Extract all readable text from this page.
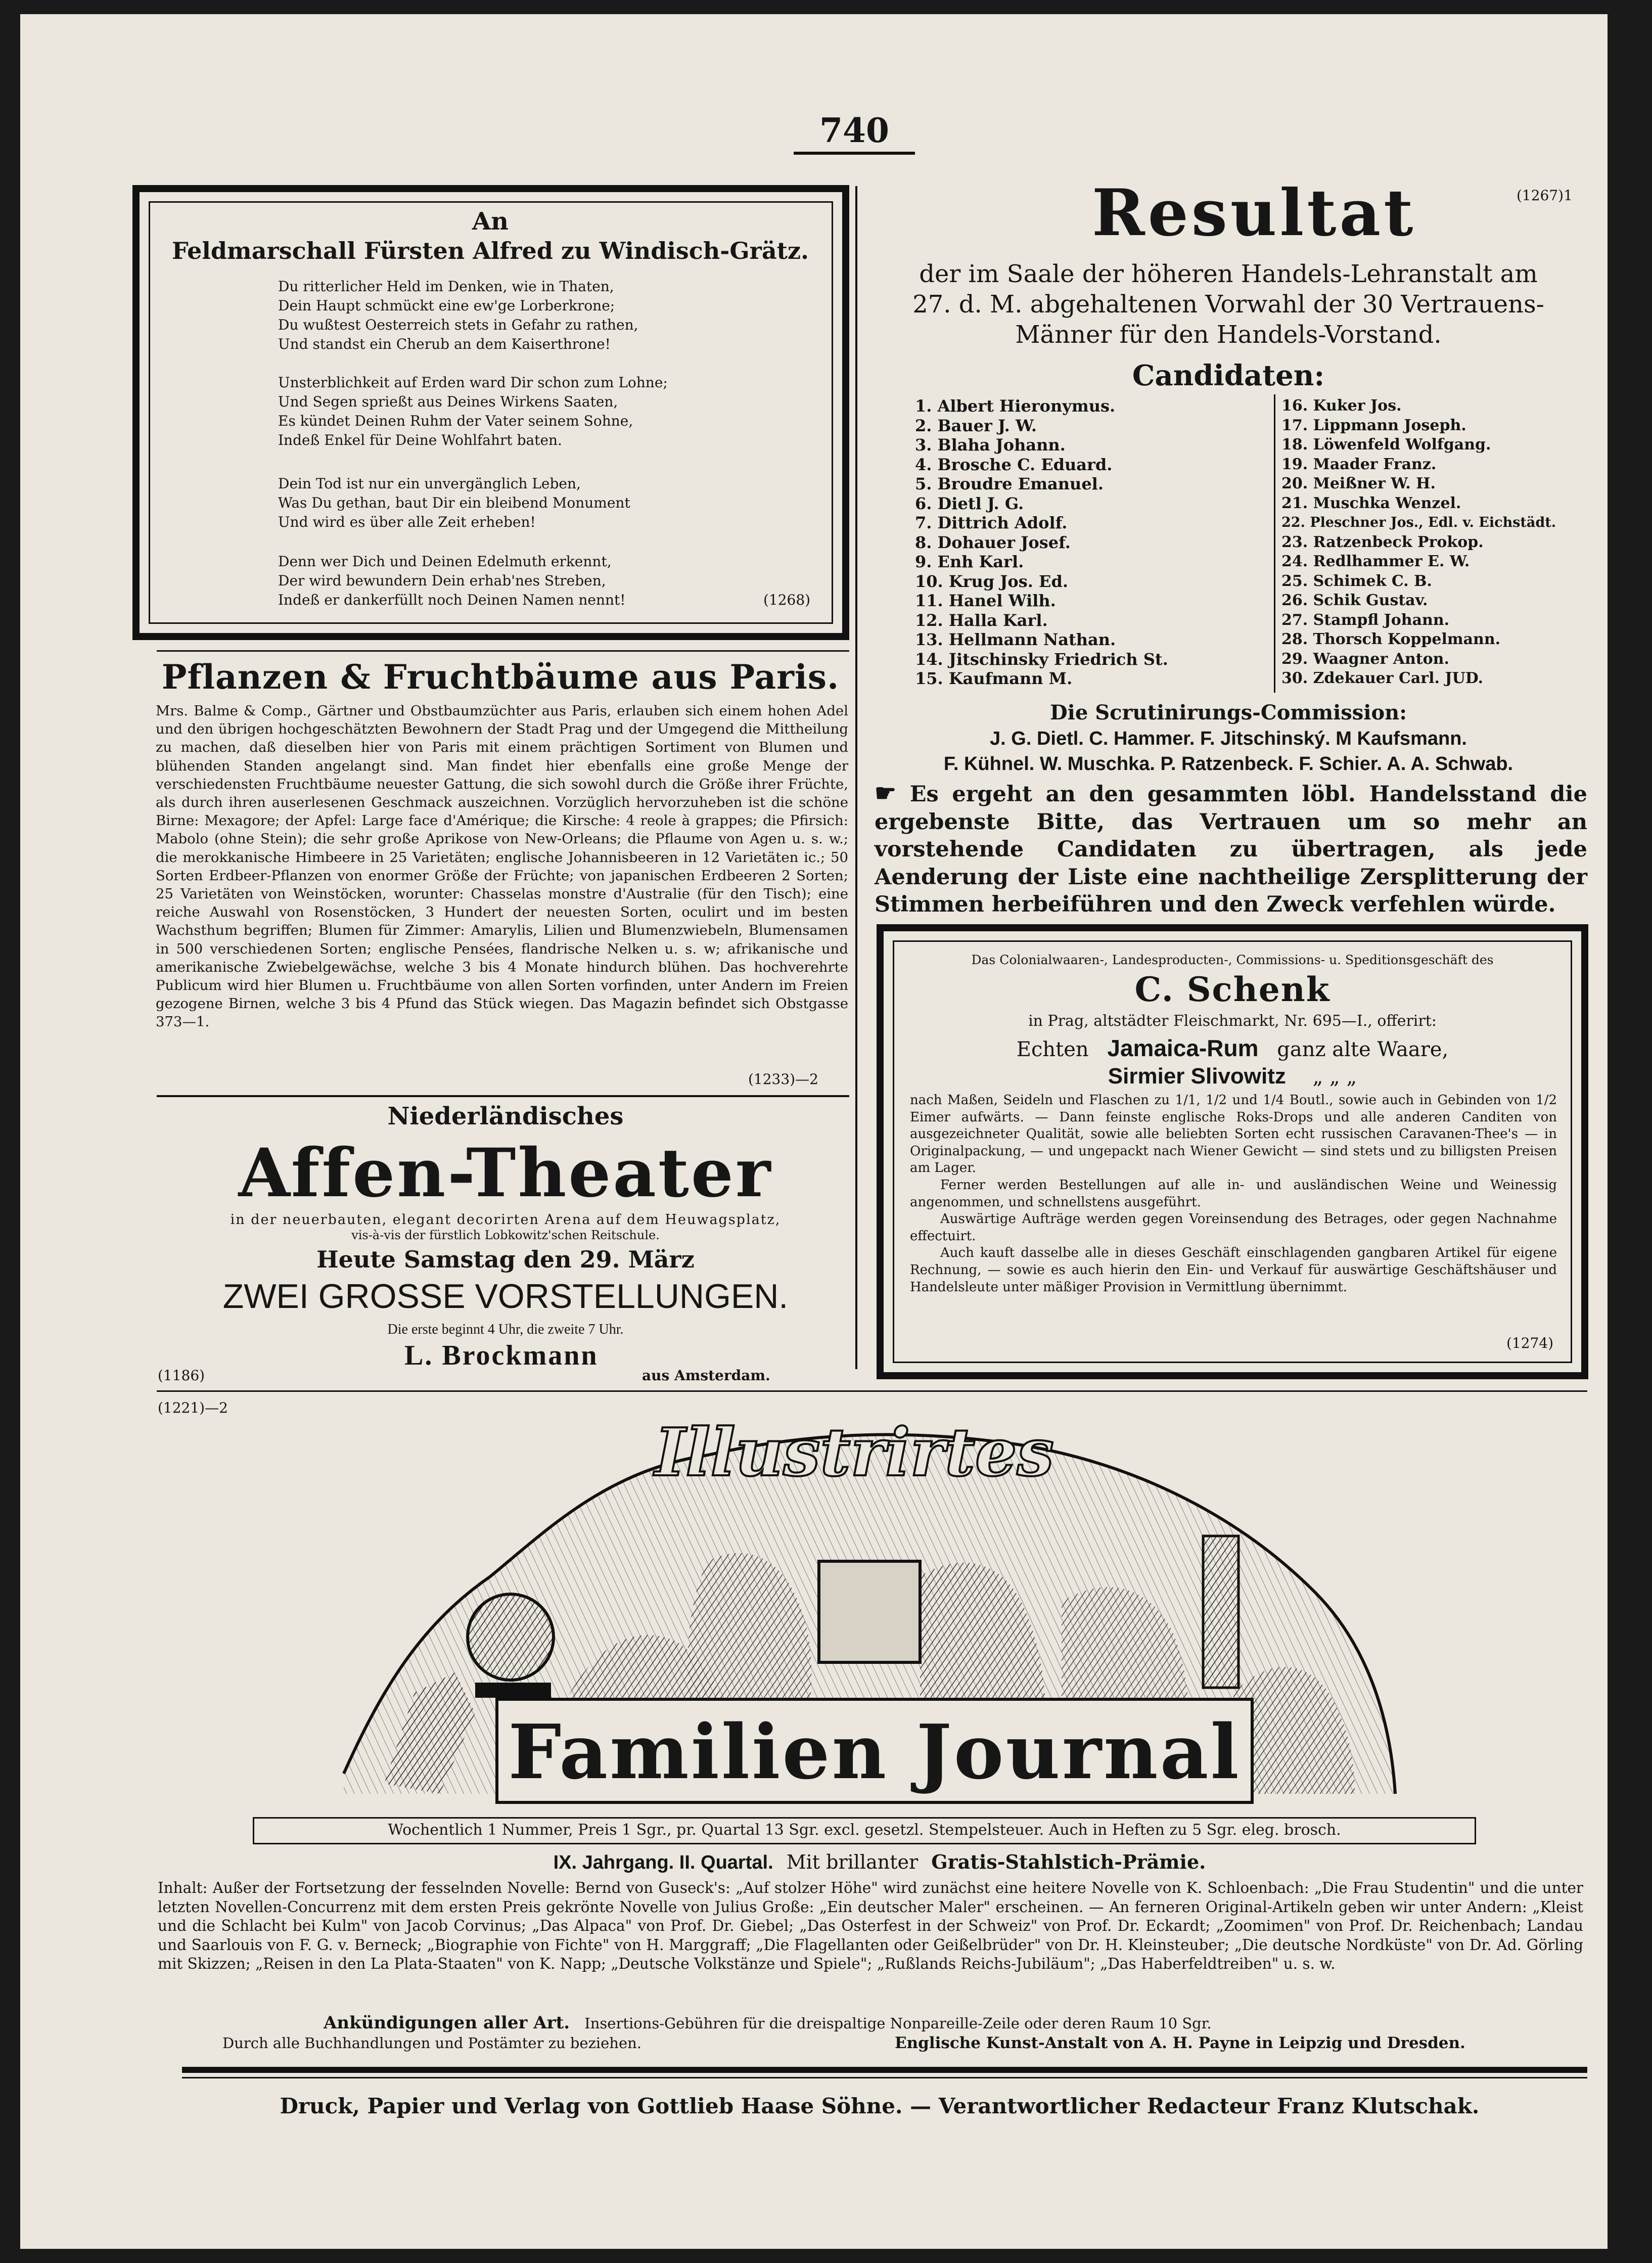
740
An
Feldmarschall Fürsten Alfred zu Windisch-Grätz.
Du ritterlicher Held im Denken, wie in Thaten,
Dein Haupt schmückt eine ew'ge Lorberkrone;
Du wußtest Oesterreich stets in Gefahr zu rathen,
Und standst ein Cherub an dem Kaiserthrone!
Unsterblichkeit auf Erden ward Dir schon zum Lohne;
Und Segen sprießt aus Deines Wirkens Saaten,
Es kündet Deinen Ruhm der Vater seinem Sohne,
Indeß Enkel für Deine Wohlfahrt baten.
Dein Tod ist nur ein unvergänglich Leben,
Was Du gethan, baut Dir ein bleibend Monument
Und wird es über alle Zeit erheben!
Denn wer Dich und Deinen Edelmuth erkennt,
Der wird bewundern Dein erhab'nes Streben,
Indeß er dankerfüllt noch Deinen Namen nennt!	(1268)
Pflanzen & Fruchtbäume aus Paris.
Mrs. Balme & Comp., Gärtner und Obstbaumzüchter aus Paris, erlauben sich einem hohen Adel und den übrigen hochgeschätzten Bewohnern der Stadt Prag und der Umgegend die Mittheilung zu machen, daß dieselben hier von Paris mit einem prächtigen Sortiment von Blumen und blühenden Standen angelangt sind. Man findet hier ebenfalls eine große Menge der verschiedensten Fruchtbäume neuester Gattung, die sich sowohl durch die Größe ihrer Früchte, als durch ihren auserlesenen Geschmack auszeichnen. Vorzüglich hervorzuheben ist die schöne Birne: Mexagore; der Apfel: Large face d'Amérique; die Kirsche: 4 reole à grappes; die Pfirsich: Mabolo (ohne Stein); die sehr große Aprikose von New-Orleans; die Pflaume von Agen u. s. w.; die merokkanische Himbeere in 25 Varietäten; englische Johannisbeeren in 12 Varietäten ic.; 50 Sorten Erdbeer-Pflanzen von enormer Größe der Früchte; von japanischen Erdbeeren 2 Sorten; 25 Varietäten von Weinstöcken, worunter: Chasselas monstre d'Australie (für den Tisch); eine reiche Auswahl von Rosenstöcken, 3 Hundert der neuesten Sorten, oculirt und im besten Wachsthum begriffen; Blumen für Zimmer: Amarylis, Lilien und Blumenzwiebeln, Blumensamen in 500 verschiedenen Sorten; englische Pensées, flandrische Nelken u. s. w; afrikanische und amerikanische Zwiebelgewächse, welche 3 bis 4 Monate hindurch blühen. Das hochverehrte Publicum wird hier Blumen u. Fruchtbäume von allen Sorten vorfinden, unter Andern im Freien gezogene Birnen, welche 3 bis 4 Pfund das Stück wiegen. Das Magazin befindet sich Obstgasse 373—1.
(1233)—2
Niederländisches
Affen-Theater
in der neuerbauten, elegant decorirten Arena auf dem Heuwagsplatz,
vis-à-vis der fürstlich Lobkowitz'schen Reitschule.
Heute Samstag den 29. März
ZWEI GROSSE VORSTELLUNGEN.
Die erste beginnt 4 Uhr, die zweite 7 Uhr.
L. Brockmann
(1186)	aus Amsterdam.
Resultat	(1267)1
der im Saale der höheren Handels-Lehranstalt am
27. d. M. abgehaltenen Vorwahl der 30 Vertrauens-
Männer für den Handels-Vorstand.
Candidaten:
1. Albert Hieronymus.
2. Bauer J. W.
3. Blaha Johann.
4. Brosche C. Eduard.
5. Broudre Emanuel.
6. Dietl J. G.
7. Dittrich Adolf.
8. Dohauer Josef.
9. Enh Karl.
10. Krug Jos. Ed.
11. Hanel Wilh.
12. Halla Karl.
13. Hellmann Nathan.
14. Jitschinsky Friedrich St.
15. Kaufmann M.
16. Kuker Jos.
17. Lippmann Joseph.
18. Löwenfeld Wolfgang.
19. Maader Franz.
20. Meißner W. H.
21. Muschka Wenzel.
22. Pleschner Jos., Edl. v. Eichstädt.
23. Ratzenbeck Prokop.
24. Redlhammer E. W.
25. Schimek C. B.
26. Schik Gustav.
27. Stampfl Johann.
28. Thorsch Koppelmann.
29. Waagner Anton.
30. Zdekauer Carl. JUD.
Die Scrutinirungs-Commission:
J. G. Dietl. C. Hammer. F. Jitschinský. M Kaufsmann.
F. Kühnel. W. Muschka. P. Ratzenbeck. F. Schier. A. A. Schwab.
☛ Es ergeht an den gesammten löbl. Handelsstand die ergebenste Bitte, das Vertrauen um so mehr an vorstehende Candidaten zu übertragen, als jede Aenderung der Liste eine nachtheilige Zersplitterung der Stimmen herbeiführen und den Zweck verfehlen würde.
Das Colonialwaaren-, Landesproducten-, Commissions- u. Speditionsgeschäft des
C. Schenk
in Prag, altstädter Fleischmarkt, Nr. 695—I., offerirt:
Echten Jamaica-Rum ganz alte Waare,
Sirmier Slivowitz „ „ „
nach Maßen, Seideln und Flaschen zu 1/1, 1/2 und 1/4 Boutl., sowie auch in Gebinden von 1/2 Eimer aufwärts. — Dann feinste englische Roks-Drops und alle anderen Canditen von ausgezeichneter Qualität, sowie alle beliebten Sorten echt russischen Caravanen-Thee's — in Originalpackung, — und ungepackt nach Wiener Gewicht — sind stets und zu billigsten Preisen am Lager.
Ferner werden Bestellungen auf alle in- und ausländischen Weine und Weinessig angenommen, und schnellstens ausgeführt.
Auswärtige Aufträge werden gegen Voreinsendung des Betrages, oder gegen Nachnahme effectuirt.
Auch kauft dasselbe alle in dieses Geschäft einschlagenden gangbaren Artikel für eigene Rechnung, — sowie es auch hierin den Ein- und Verkauf für auswärtige Geschäftshäuser und Handelsleute unter mäßiger Provision in Vermittlung übernimmt.
(1274)
(1221)—2
Illustrirtes
Familien Journal
Wochentlich 1 Nummer, Preis 1 Sgr., pr. Quartal 13 Sgr. excl. gesetzl. Stempelsteuer. Auch in Heften zu 5 Sgr. eleg. brosch.
IX. Jahrgang. II. Quartal. Mit brillanter Gratis-Stahlstich-Prämie.
Inhalt: Außer der Fortsetzung der fesselnden Novelle: Bernd von Guseck's: „Auf stolzer Höhe" wird zunächst eine heitere Novelle von K. Schloenbach: „Die Frau Studentin" und die unter letzten Novellen-Concurrenz mit dem ersten Preis gekrönte Novelle von Julius Große: „Ein deutscher Maler" erscheinen. — An ferneren Original-Artikeln geben wir unter Andern: „Kleist und die Schlacht bei Kulm" von Jacob Corvinus; „Das Alpaca" von Prof. Dr. Giebel; „Das Osterfest in der Schweiz" von Prof. Dr. Eckardt; „Zoomimen" von Prof. Dr. Reichenbach; Landau und Saarlouis von F. G. v. Berneck; „Biographie von Fichte" von H. Marggraff; „Die Flagellanten oder Geißelbrüder" von Dr. H. Kleinsteuber; „Die deutsche Nordküste" von Dr. Ad. Görling mit Skizzen; „Reisen in den La Plata-Staaten" von K. Napp; „Deutsche Volkstänze und Spiele"; „Rußlands Reichs-Jubiläum"; „Das Haberfeldtreiben" u. s. w.
Ankündigungen aller Art. Insertions-Gebühren für die dreispaltige Nonpareille-Zeile oder deren Raum 10 Sgr.
Durch alle Buchhandlungen und Postämter zu beziehen.	Englische Kunst-Anstalt von A. H. Payne in Leipzig und Dresden.
Druck, Papier und Verlag von Gottlieb Haase Söhne. — Verantwortlicher Redacteur Franz Klutschak.
